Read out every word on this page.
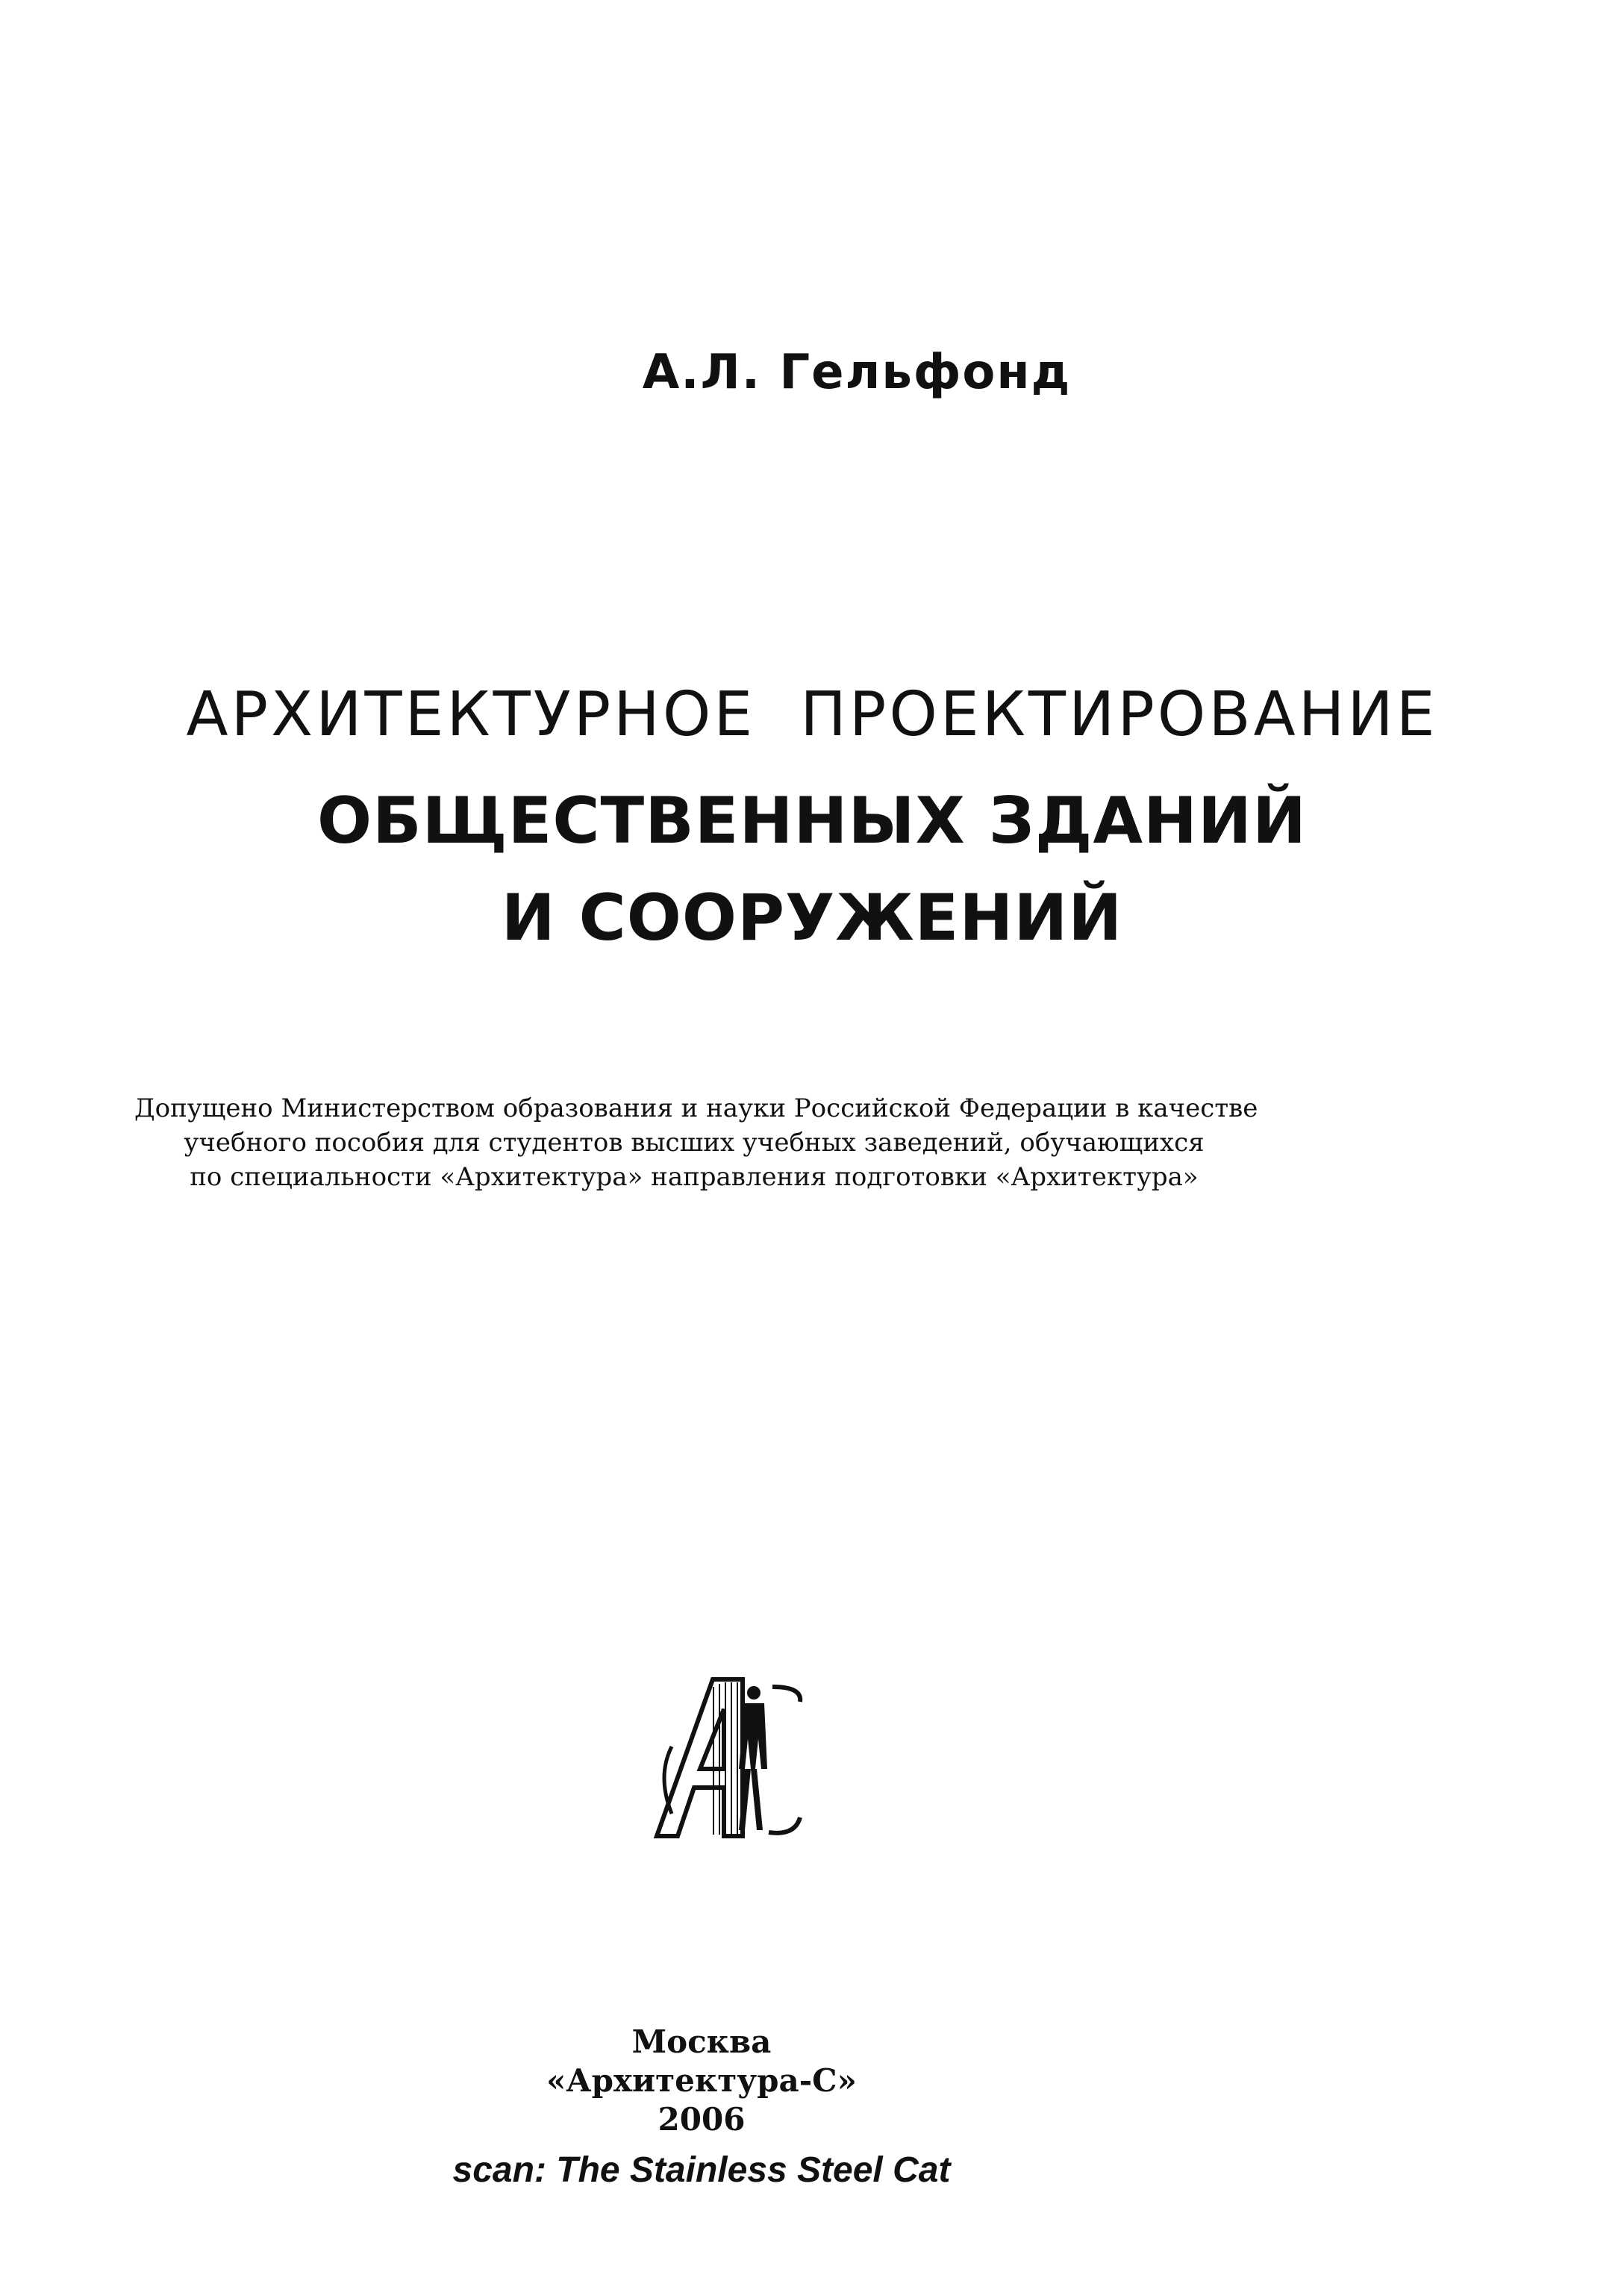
А.Л. Гельфонд
АРХИТЕКТУРНОЕ ПРОЕКТИРОВАНИЕ
ОБЩЕСТВЕННЫХ ЗДАНИЙ
И СООРУЖЕНИЙ
Допущено Министерством образования и науки Российской Федерации в качестве
учебного пособия для студентов высших учебных заведений, обучающихся
по специальности «Архитектура» направления подготовки «Архитектура»
Москва
«Архитектура-С»
2006
scan: The Stainless Steel Cat
